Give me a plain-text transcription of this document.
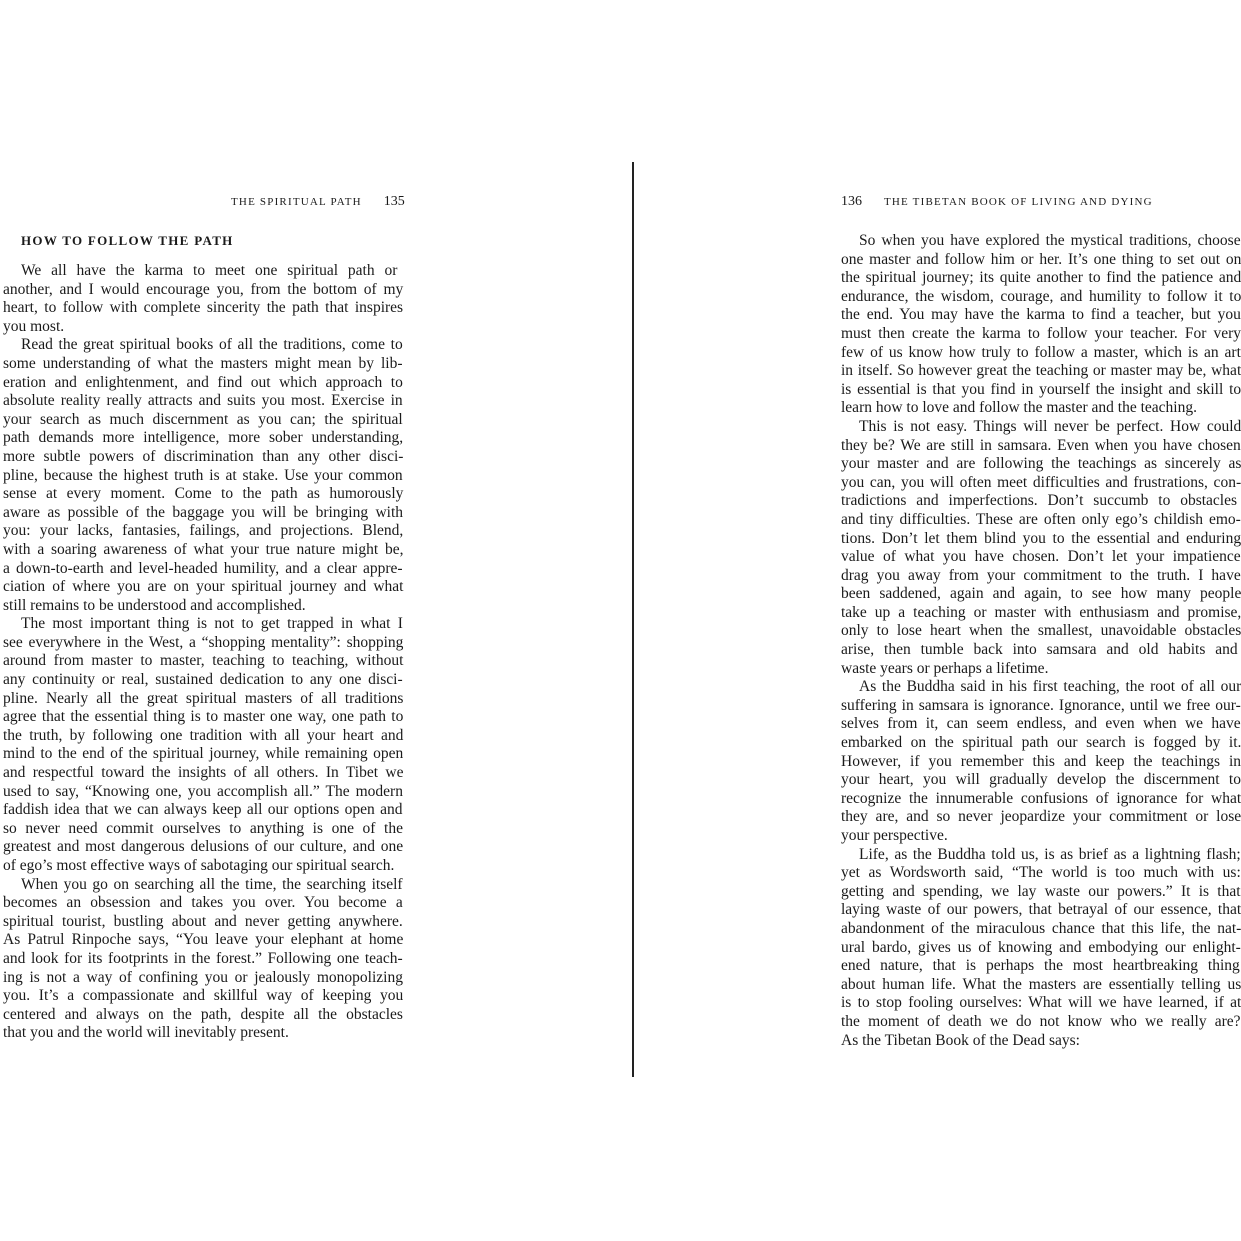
THE SPIRITUAL PATH 135
HOW TO FOLLOW THE PATH
We all have the karma to meet one spiritual path or
another, and I would encourage you, from the bottom of my
heart, to follow with complete sincerity the path that inspires
you most.
Read the great spiritual books of all the traditions, come to
some understanding of what the masters might mean by lib-
eration and enlightenment, and find out which approach to
absolute reality really attracts and suits you most. Exercise in
your search as much discernment as you can; the spiritual
path demands more intelligence, more sober understanding,
more subtle powers of discrimination than any other disci-
pline, because the highest truth is at stake. Use your common
sense at every moment. Come to the path as humorously
aware as possible of the baggage you will be bringing with
you: your lacks, fantasies, failings, and projections. Blend,
with a soaring awareness of what your true nature might be,
a down-to-earth and level-headed humility, and a clear appre-
ciation of where you are on your spiritual journey and what
still remains to be understood and accomplished.
The most important thing is not to get trapped in what I
see everywhere in the West, a “shopping mentality”: shopping
around from master to master, teaching to teaching, without
any continuity or real, sustained dedication to any one disci-
pline. Nearly all the great spiritual masters of all traditions
agree that the essential thing is to master one way, one path to
the truth, by following one tradition with all your heart and
mind to the end of the spiritual journey, while remaining open
and respectful toward the insights of all others. In Tibet we
used to say, “Knowing one, you accomplish all.” The modern
faddish idea that we can always keep all our options open and
so never need commit ourselves to anything is one of the
greatest and most dangerous delusions of our culture, and one
of ego’s most effective ways of sabotaging our spiritual search.
When you go on searching all the time, the searching itself
becomes an obsession and takes you over. You become a
spiritual tourist, bustling about and never getting anywhere.
As Patrul Rinpoche says, “You leave your elephant at home
and look for its footprints in the forest.” Following one teach-
ing is not a way of confining you or jealously monopolizing
you. It’s a compassionate and skillful way of keeping you
centered and always on the path, despite all the obstacles
that you and the world will inevitably present.
136 THE TIBETAN BOOK OF LIVING AND DYING
So when you have explored the mystical traditions, choose
one master and follow him or her. It’s one thing to set out on
the spiritual journey; its quite another to find the patience and
endurance, the wisdom, courage, and humility to follow it to
the end. You may have the karma to find a teacher, but you
must then create the karma to follow your teacher. For very
few of us know how truly to follow a master, which is an art
in itself. So however great the teaching or master may be, what
is essential is that you find in yourself the insight and skill to
learn how to love and follow the master and the teaching.
This is not easy. Things will never be perfect. How could
they be? We are still in samsara. Even when you have chosen
your master and are following the teachings as sincerely as
you can, you will often meet difficulties and frustrations, con-
tradictions and imperfections. Don’t succumb to obstacles
and tiny difficulties. These are often only ego’s childish emo-
tions. Don’t let them blind you to the essential and enduring
value of what you have chosen. Don’t let your impatience
drag you away from your commitment to the truth. I have
been saddened, again and again, to see how many people
take up a teaching or master with enthusiasm and promise,
only to lose heart when the smallest, unavoidable obstacles
arise, then tumble back into samsara and old habits and
waste years or perhaps a lifetime.
As the Buddha said in his first teaching, the root of all our
suffering in samsara is ignorance. Ignorance, until we free our-
selves from it, can seem endless, and even when we have
embarked on the spiritual path our search is fogged by it.
However, if you remember this and keep the teachings in
your heart, you will gradually develop the discernment to
recognize the innumerable confusions of ignorance for what
they are, and so never jeopardize your commitment or lose
your perspective.
Life, as the Buddha told us, is as brief as a lightning flash;
yet as Wordsworth said, “The world is too much with us:
getting and spending, we lay waste our powers.” It is that
laying waste of our powers, that betrayal of our essence, that
abandonment of the miraculous chance that this life, the nat-
ural bardo, gives us of knowing and embodying our enlight-
ened nature, that is perhaps the most heartbreaking thing
about human life. What the masters are essentially telling us
is to stop fooling ourselves: What will we have learned, if at
the moment of death we do not know who we really are?
As the Tibetan Book of the Dead says:
